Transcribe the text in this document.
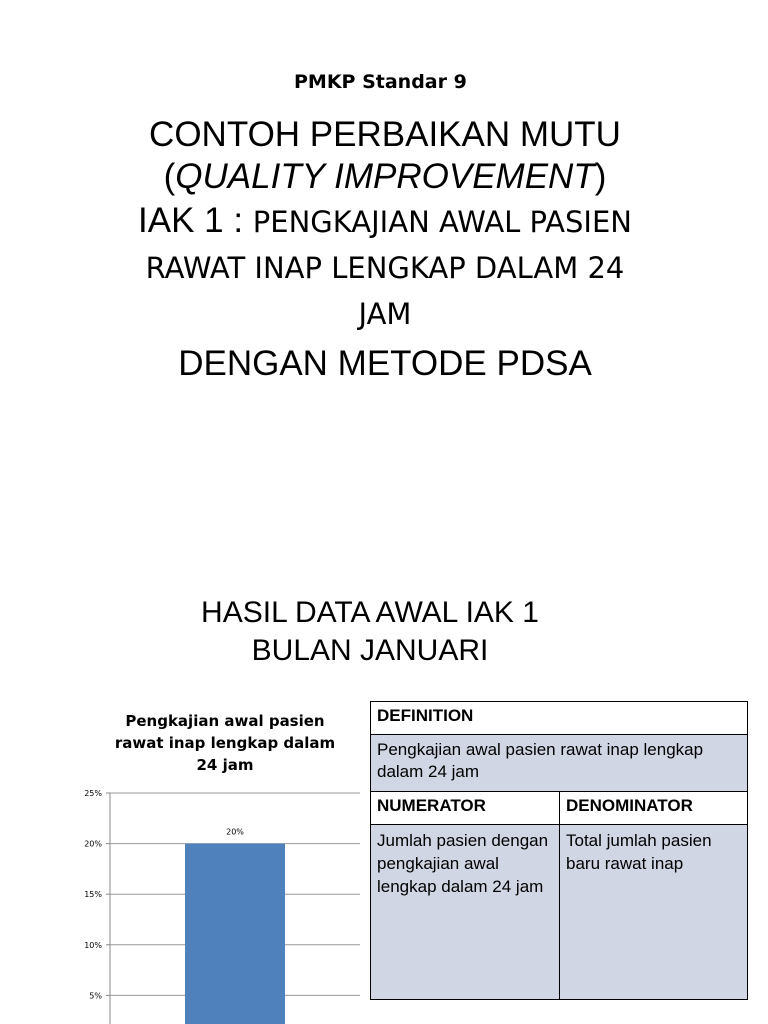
PMKP Standar 9
CONTOH PERBAIKAN MUTU
(QUALITY IMPROVEMENT)
IAK 1 : PENGKAJIAN AWAL PASIEN
RAWAT INAP LENGKAP DALAM 24 JAM
DENGAN METODE PDSA
HASIL DATA AWAL IAK 1
BULAN JANUARI
Pengkajian awal pasien
rawat inap lengkap dalam
24 jam
5%
10%
15%
20%
25%
20%
DEFINITION	
Pengkajian awal pasien rawat inap lengkap dalam 24 jam	
NUMERATOR	DENOMINATOR
Jumlah pasien dengan pengkajian awal lengkap dalam 24 jam	Total jumlah pasien baru rawat inap
